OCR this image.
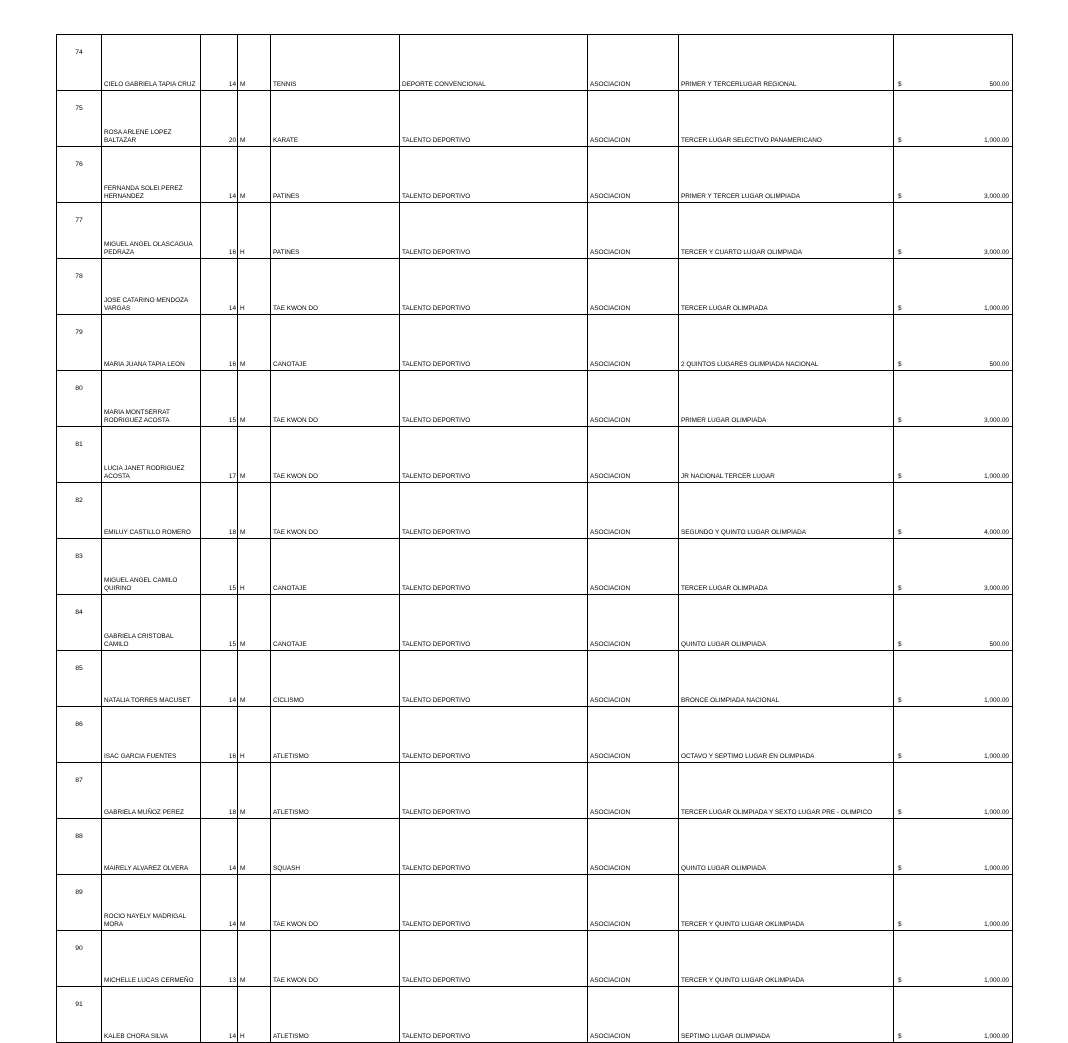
74	CIELO GABRIELA TAPIA CRUZ	14	M	TENNIS	DEPORTE CONVENCIONAL	ASOCIACION	PRIMER Y TERCERLUGAR REGIONAL	$ 500.00

75	ROSA ARLENE LOPEZ BALTAZAR	20	M	KARATE	TALENTO DEPORTIVO	ASOCIACION	TERCER LUGAR SELECTIVO PANAMERICANO	$ 1,000.00

76	FERNANDA SOLEI PEREZ HERNANDEZ	14	M	PATINES	TALENTO DEPORTIVO	ASOCIACION	PRIMER Y TERCER LUGAR OLIMPIADA	$ 3,000.00

77	MIGUEL ANGEL OLASCAGUA PEDRAZA	16	H	PATINES	TALENTO DEPORTIVO	ASOCIACION	TERCER Y CUARTO LUGAR OLIMPIADA	$ 3,000.00

78	JOSE CATARINO MENDOZA VARGAS	14	H	TAE KWON DO	TALENTO DEPORTIVO	ASOCIACION	TERCER LUGAR OLIMPIADA	$ 1,000.00

79	MARIA JUANA TAPIA LEON	16	M	CANOTAJE	TALENTO DEPORTIVO	ASOCIACION	2 QUINTOS LUGARES OLIMPIADA NACIONAL	$ 500.00

80	MARIA MONTSERRAT RODRIGUEZ ACOSTA	15	M	TAE KWON DO	TALENTO DEPORTIVO	ASOCIACION	PRIMER LUGAR OLIMPIADA	$ 3,000.00

81	LUCIA JANET RODRIGUEZ ACOSTA	17	M	TAE KWON DO	TALENTO DEPORTIVO	ASOCIACION	JR NACIONAL TERCER LUGAR	$ 1,000.00

82	EMILUY CASTILLO ROMERO	18	M	TAE KWON DO	TALENTO DEPORTIVO	ASOCIACION	SEGUNDO Y QUINTO LUGAR OLIMPIADA	$ 4,000.00

83	MIGUEL ANGEL CAMILO QUIRINO	15	H	CANOTAJE	TALENTO DEPORTIVO	ASOCIACION	TERCER LUGAR OLIMPIADA	$ 3,000.00

84	GABRIELA CRISTOBAL CAMILO	15	M	CANOTAJE	TALENTO DEPORTIVO	ASOCIACION	QUINTO LUGAR OLIMPIADA	$ 500.00

85	NATALIA TORRES MACUSET	14	M	CICLISMO	TALENTO DEPORTIVO	ASOCIACION	BRONCE OLIMPIADA NACIONAL	$ 1,000.00

86	ISAC GARCIA FUENTES	16	H	ATLETISMO	TALENTO DEPORTIVO	ASOCIACION	OCTAVO Y SEPTIMO LUGAR EN OLIMPIADA	$ 1,000.00

87	GABRIELA MUÑOZ PEREZ	18	M	ATLETISMO	TALENTO DEPORTIVO	ASOCIACION	TERCER LUGAR OLIMPIADA Y SEXTO LUGAR PRE - OLIMPICO	$ 1,000.00

88	MAIRELY ALVAREZ OLVERA	14	M	SQUASH	TALENTO DEPORTIVO	ASOCIACION	QUINTO LUGAR OLIMPIADA	$ 1,000.00

89	ROCIO NAYELY MADRIGAL MORA	14	M	TAE KWON DO	TALENTO DEPORTIVO	ASOCIACION	TERCER Y QUINTO LUGAR OKLIMPIADA	$ 1,000.00

90	MICHELLE LUCAS CERMEÑO	13	M	TAE KWON DO	TALENTO DEPORTIVO	ASOCIACION	TERCER Y QUINTO LUGAR OKLIMPIADA	$ 1,000.00

91	KALEB CHORA SILVA	14	H	ATLETISMO	TALENTO DEPORTIVO	ASOCIACION	SEPTIMO LUGAR OLIMPIADA	$ 1,000.00
